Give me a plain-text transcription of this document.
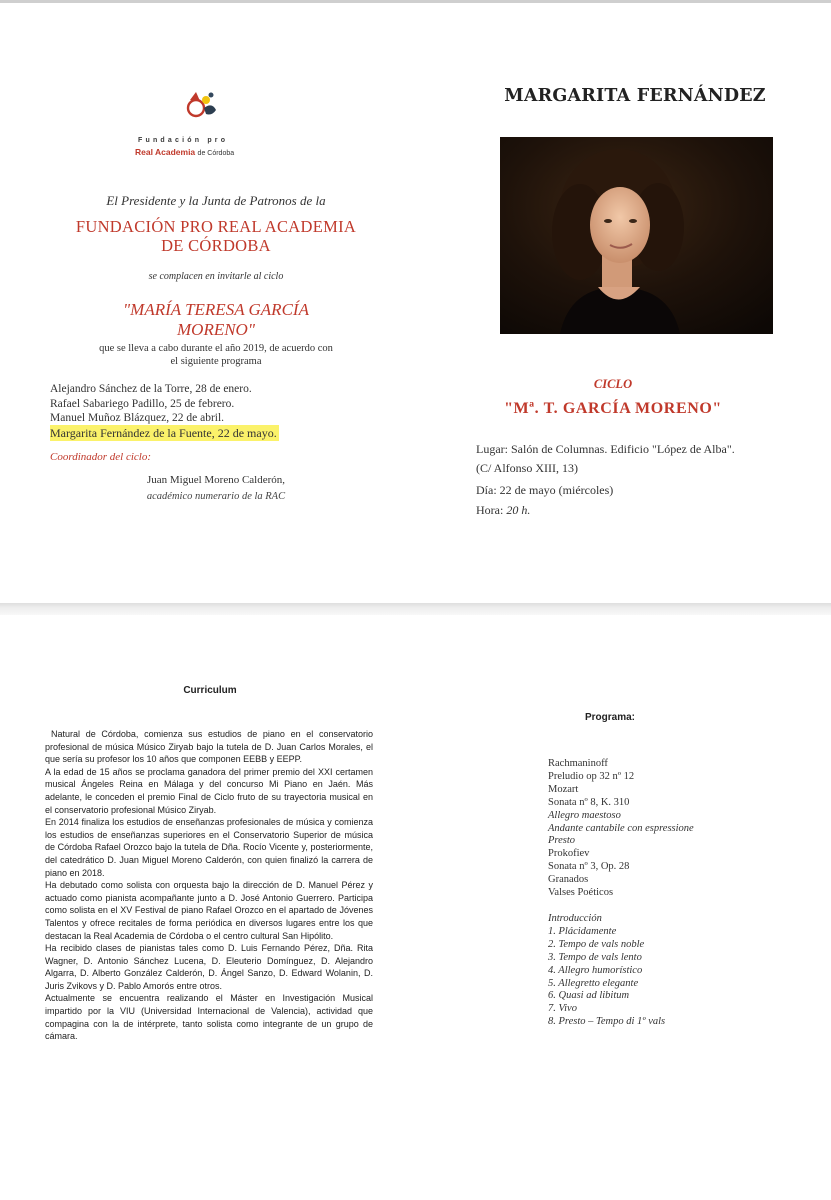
Fundación pro
Real Academia de Córdoba
El Presidente y la Junta de Patronos de la
FUNDACIÓN PRO REAL ACADEMIA
DE CÓRDOBA
se complacen en invitarle al ciclo
"MARÍA TERESA GARCÍA
MORENO"
que se lleva a cabo durante el año 2019, de acuerdo con
el siguiente programa
Alejandro Sánchez de la Torre, 28 de enero.
Rafael Sabariego Padillo, 25 de febrero.
Manuel Muñoz Blázquez, 22 de abril.
Margarita Fernández de la Fuente, 22 de mayo.
Coordinador del ciclo:
Juan Miguel Moreno Calderón,
académico numerario de la RAC
MARGARITA FERNÁNDEZ
CICLO
"Mª. T. GARCÍA MORENO"
Lugar: Salón de Columnas. Edificio "López de Alba".
(C/ Alfonso XIII, 13)
Día: 22 de mayo (miércoles)
Hora: 20 h.
Curriculum

Natural de Córdoba, comienza sus estudios de piano en el conservatorio profesional de música Músico Ziryab bajo la tutela de D. Juan Carlos Morales, el que sería su profesor los 10 años que componen EEBB y EEPP.

A la edad de 15 años se proclama ganadora del primer premio del XXI certamen musical Ángeles Reina en Málaga y del concurso Mi Piano en Jaén. Más adelante, le conceden el premio Final de Ciclo fruto de su trayectoria musical en el conservatorio profesional Músico Ziryab.

En 2014 finaliza los estudios de enseñanzas profesionales de música y comienza los estudios de enseñanzas superiores en el Conservatorio Superior de música de Córdoba Rafael Orozco bajo la tutela de Dña. Rocío Vicente y, posteriormente, del catedrático D. Juan Miguel Moreno Calderón, con quien finalizó la carrera de piano en 2018.

Ha debutado como solista con orquesta bajo la dirección de D. Manuel Pérez y actuado como pianista acompañante junto a D. José Antonio Guerrero. Participa como solista en el XV Festival de piano Rafael Orozco en el apartado de Jóvenes Talentos y ofrece recitales de forma periódica en diversos lugares entre los que destacan la Real Academia de Córdoba o el centro cultural San Hipólito.

Ha recibido clases de pianistas tales como D. Luis Fernando Pérez, Dña. Rita Wagner, D. Antonio Sánchez Lucena, D. Eleuterio Domínguez, D. Alejandro Algarra, D. Alberto González Calderón, D. Ángel Sanzo, D. Edward Wolanin, D. Juris Zvikovs y D. Pablo Amorós entre otros.

Actualmente se encuentra realizando el Máster en Investigación Musical impartido por la VIU (Universidad Internacional de Valencia), actividad que compagina con la de intérprete, tanto solista como integrante de un grupo de cámara.

Programa:
Rachmaninoff
Preludio op 32 nº 12
Mozart
Sonata nº 8, K. 310
Allegro maestoso
Andante cantabile con espressione
Presto
Prokofiev
Sonata nº 3, Op. 28
Granados
Valses Poéticos
Introducción
1. Plácidamente
2. Tempo de vals noble
3. Tempo de vals lento
4. Allegro humorístico
5. Allegretto elegante
6. Quasi ad libitum
7. Vivo
8. Presto – Tempo di 1º vals
